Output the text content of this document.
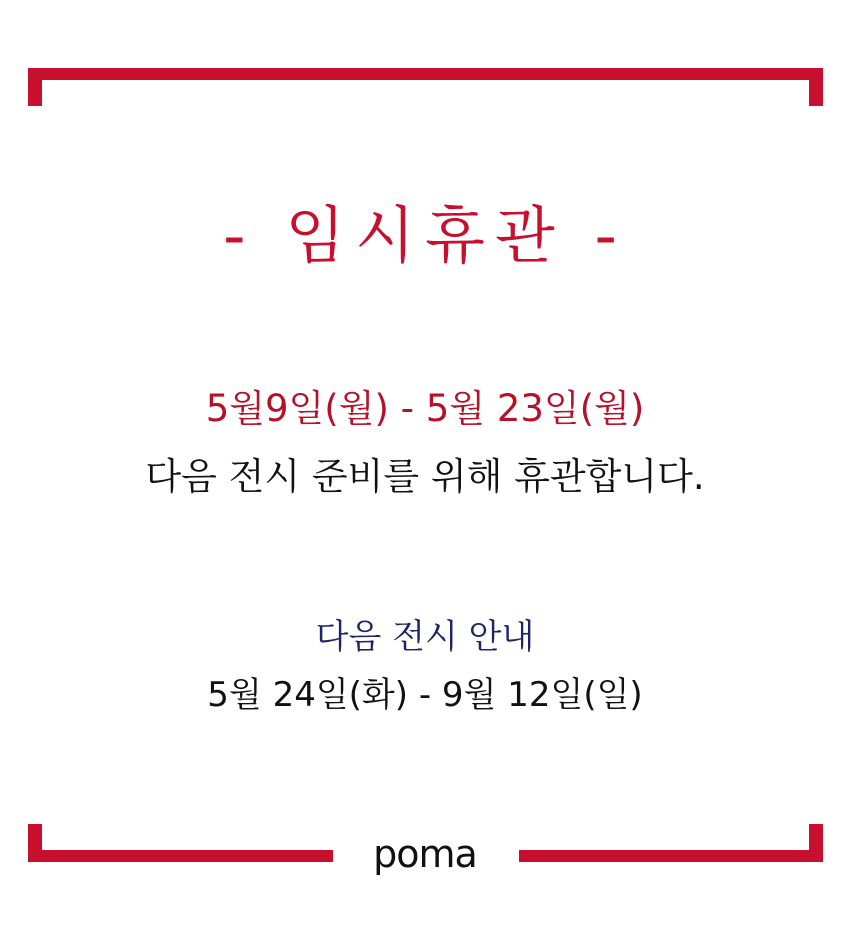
- 임시휴관 -
5월9일(월) - 5월 23일(월)
다음 전시 준비를 위해 휴관합니다.
다음 전시 안내
5월 24일(화) - 9월 12일(일)
poma
